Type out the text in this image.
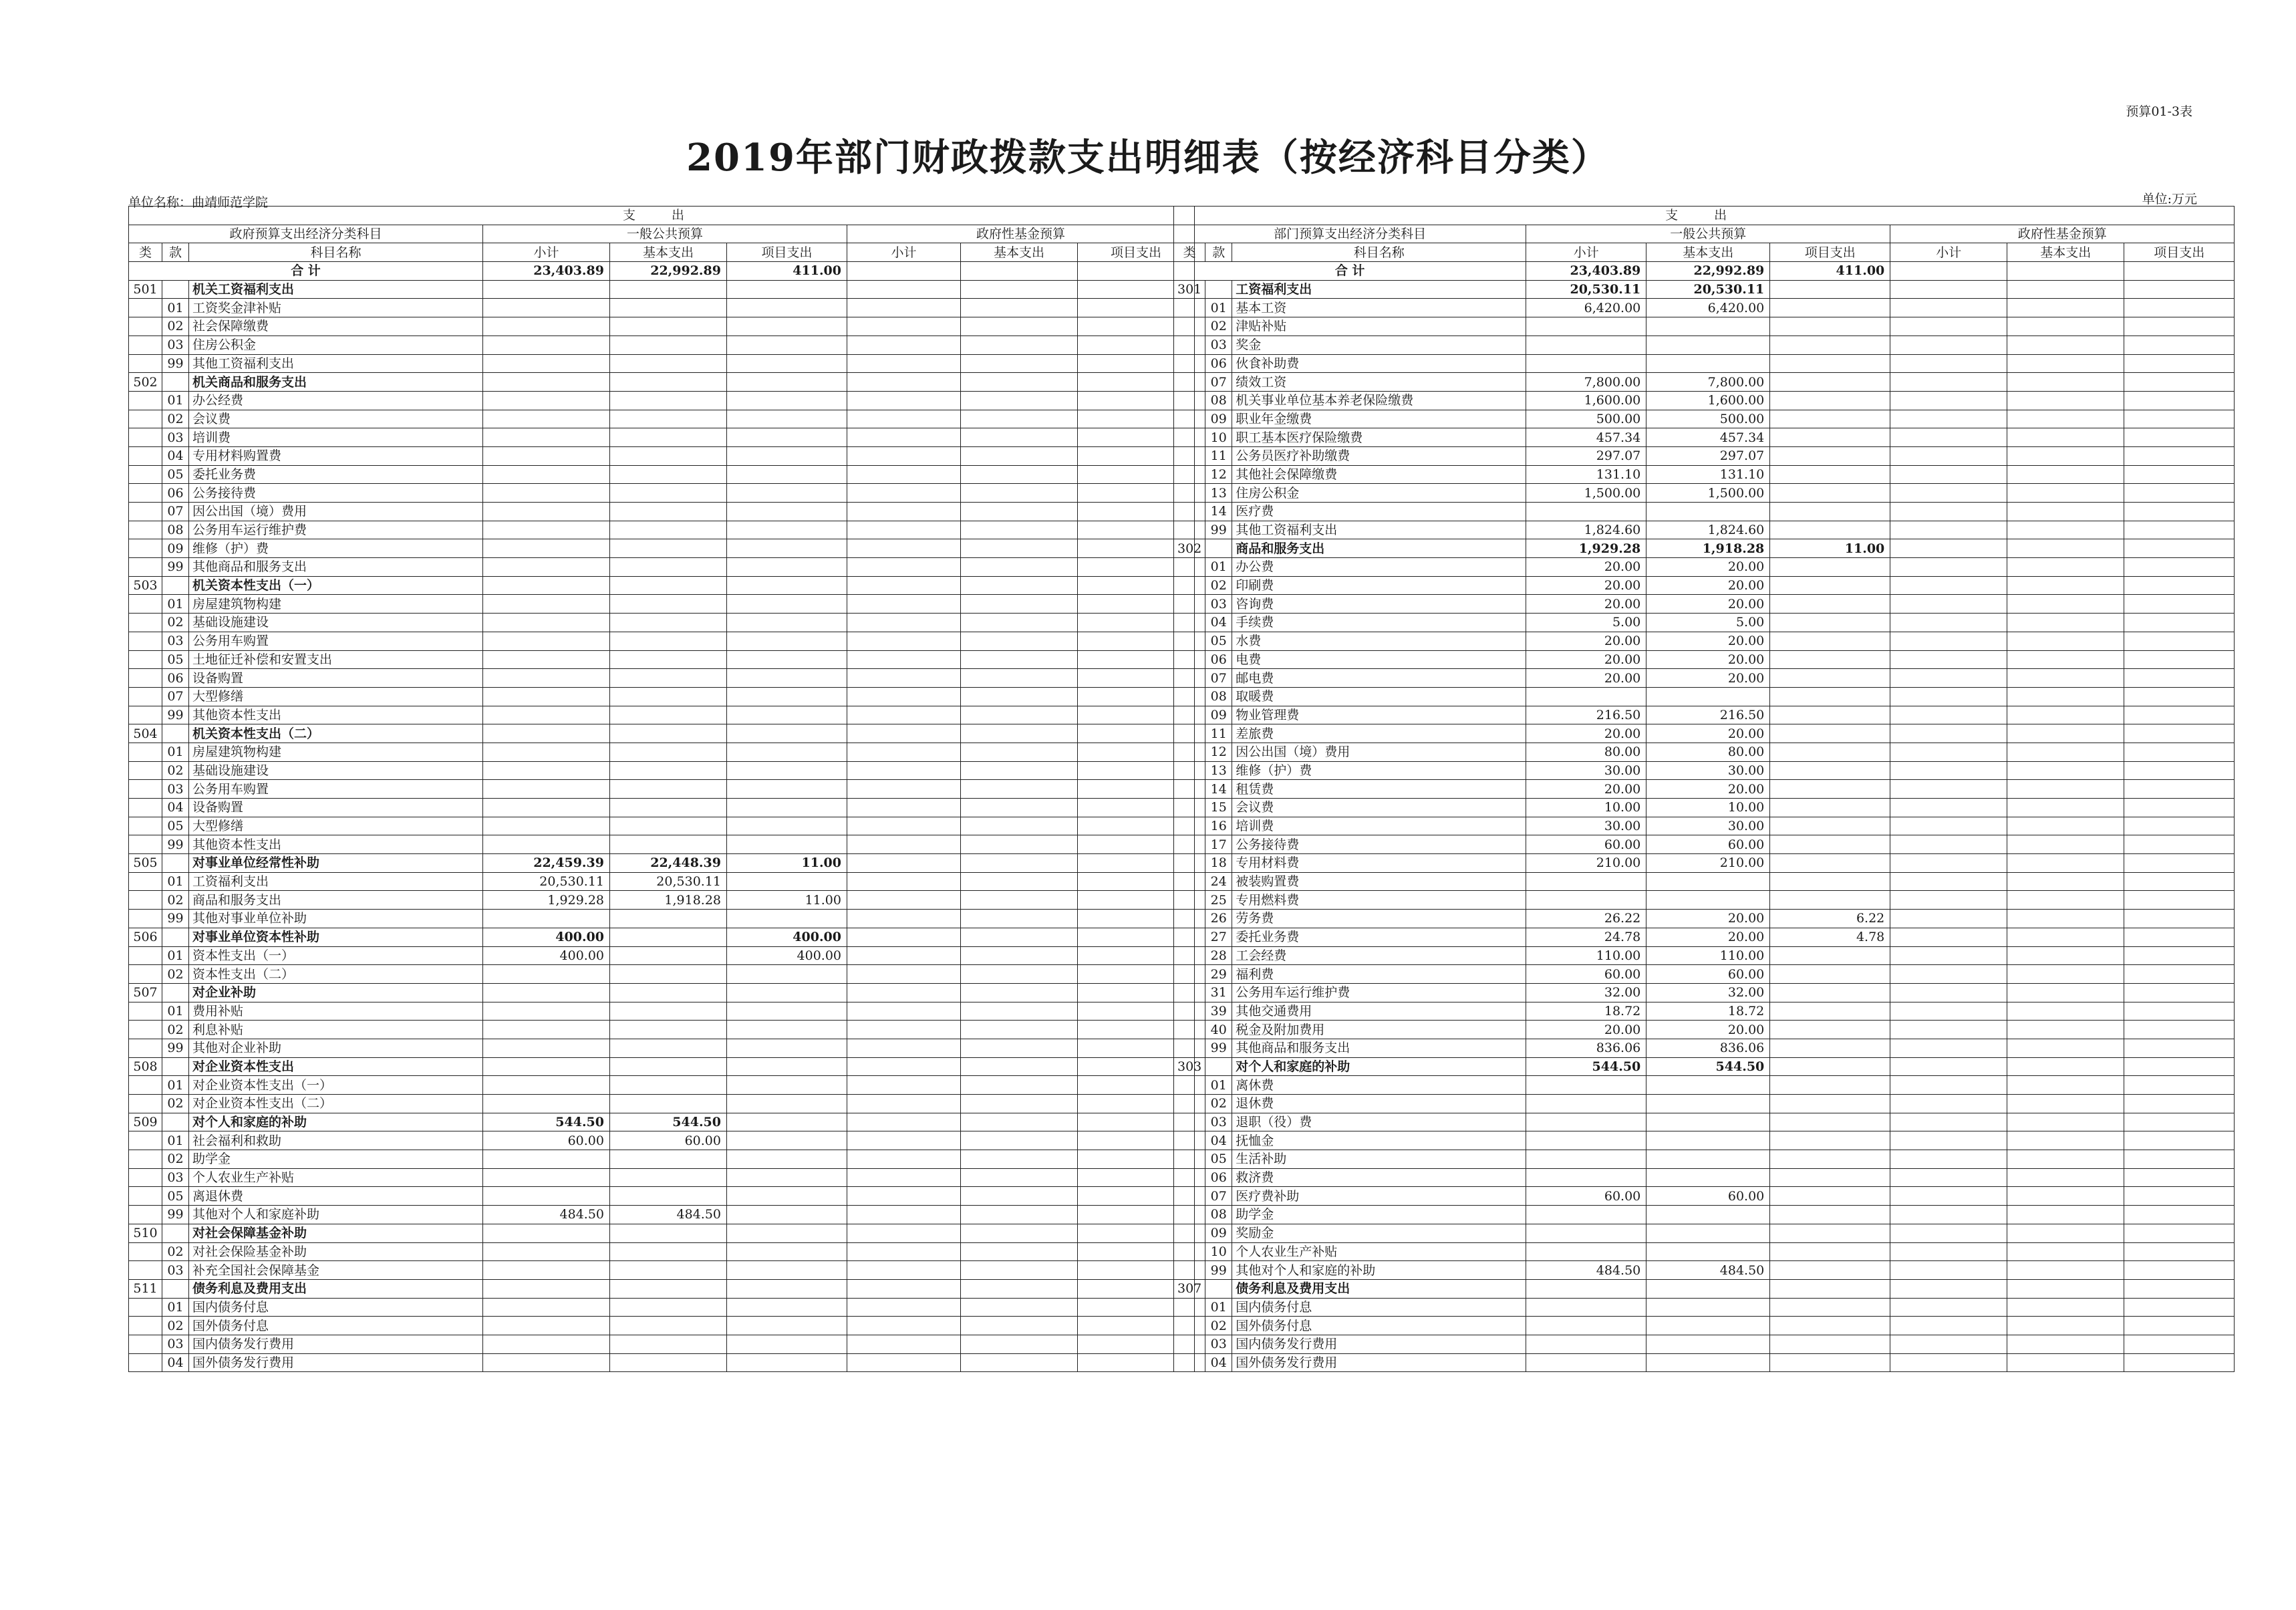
预算01-3表
2019年部门财政拨款支出明细表（按经济科目分类）
单位名称：曲靖师范学院	单位:万元
支 出								
政府预算支出经济分类科目			一般公共预算			政府性基金预算		
类	款	科目名称	小计	基本支出	项目支出	小计	基本支出	项目支出
合 计			23,403.89	22,992.89	411.00			
501		机关工资福利支出						
	01	工资奖金津补贴						
	02	社会保障缴费						
	03	住房公积金						
	99	其他工资福利支出						
502		机关商品和服务支出						
	01	办公经费						
	02	会议费						
	03	培训费						
	04	专用材料购置费						
	05	委托业务费						
	06	公务接待费						
	07	因公出国（境）费用						
	08	公务用车运行维护费						
	09	维修（护）费						
	99	其他商品和服务支出						
503		机关资本性支出（一）						
	01	房屋建筑物构建						
	02	基础设施建设						
	03	公务用车购置						
	05	土地征迁补偿和安置支出						
	06	设备购置						
	07	大型修缮						
	99	其他资本性支出						
504		机关资本性支出（二）						
	01	房屋建筑物构建						
	02	基础设施建设						
	03	公务用车购置						
	04	设备购置						
	05	大型修缮						
	99	其他资本性支出						
505		对事业单位经常性补助	22,459.39	22,448.39	11.00			
	01	工资福利支出	20,530.11	20,530.11				
	02	商品和服务支出	1,929.28	1,918.28	11.00			
	99	其他对事业单位补助						
506		对事业单位资本性补助	400.00		400.00			
	01	资本性支出（一）	400.00		400.00			
	02	资本性支出（二）						
507		对企业补助						
	01	费用补贴						
	02	利息补贴						
	99	其他对企业补助						
508		对企业资本性支出						
	01	对企业资本性支出（一）						
	02	对企业资本性支出（二）						
509		对个人和家庭的补助	544.50	544.50				
	01	社会福利和救助	60.00	60.00				
	02	助学金						
	03	个人农业生产补贴						
	05	离退休费						
	99	其他对个人和家庭补助	484.50	484.50				
510		对社会保障基金补助						
	02	对社会保险基金补助						
	03	补充全国社会保障基金						
511		债务利息及费用支出						
	01	国内债务付息						
	02	国外债务付息						
	03	国内债务发行费用						
	04	国外债务发行费用						
支 出								
部门预算支出经济分类科目			一般公共预算			政府性基金预算		
类	款	科目名称	小计	基本支出	项目支出	小计	基本支出	项目支出
合 计			23,403.89	22,992.89	411.00			
301		工资福利支出	20,530.11	20,530.11				
	01	基本工资	6,420.00	6,420.00				
	02	津贴补贴						
	03	奖金						
	06	伙食补助费						
	07	绩效工资	7,800.00	7,800.00				
	08	机关事业单位基本养老保险缴费	1,600.00	1,600.00				
	09	职业年金缴费	500.00	500.00				
	10	职工基本医疗保险缴费	457.34	457.34				
	11	公务员医疗补助缴费	297.07	297.07				
	12	其他社会保障缴费	131.10	131.10				
	13	住房公积金	1,500.00	1,500.00				
	14	医疗费						
	99	其他工资福利支出	1,824.60	1,824.60				
302		商品和服务支出	1,929.28	1,918.28	11.00			
	01	办公费	20.00	20.00				
	02	印刷费	20.00	20.00				
	03	咨询费	20.00	20.00				
	04	手续费	5.00	5.00				
	05	水费	20.00	20.00				
	06	电费	20.00	20.00				
	07	邮电费	20.00	20.00				
	08	取暖费						
	09	物业管理费	216.50	216.50				
	11	差旅费	20.00	20.00				
	12	因公出国（境）费用	80.00	80.00				
	13	维修（护）费	30.00	30.00				
	14	租赁费	20.00	20.00				
	15	会议费	10.00	10.00				
	16	培训费	30.00	30.00				
	17	公务接待费	60.00	60.00				
	18	专用材料费	210.00	210.00				
	24	被装购置费						
	25	专用燃料费						
	26	劳务费	26.22	20.00	6.22			
	27	委托业务费	24.78	20.00	4.78			
	28	工会经费	110.00	110.00				
	29	福利费	60.00	60.00				
	31	公务用车运行维护费	32.00	32.00				
	39	其他交通费用	18.72	18.72				
	40	税金及附加费用	20.00	20.00				
	99	其他商品和服务支出	836.06	836.06				
303		对个人和家庭的补助	544.50	544.50				
	01	离休费						
	02	退休费						
	03	退职（役）费						
	04	抚恤金						
	05	生活补助						
	06	救济费						
	07	医疗费补助	60.00	60.00				
	08	助学金						
	09	奖励金						
	10	个人农业生产补贴						
	99	其他对个人和家庭的补助	484.50	484.50				
307		债务利息及费用支出						
	01	国内债务付息						
	02	国外债务付息						
	03	国内债务发行费用						
	04	国外债务发行费用						
